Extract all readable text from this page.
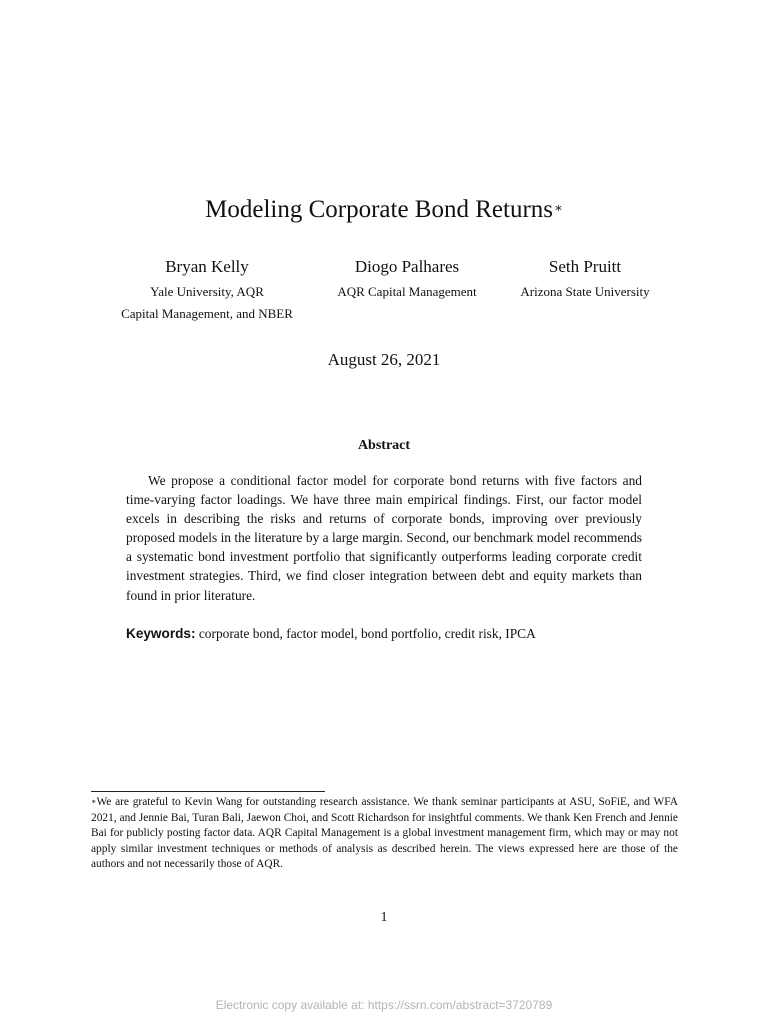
Modeling Corporate Bond Returns∗
Bryan Kelly
Yale University, AQR
Capital Management, and NBER
Diogo Palhares
AQR Capital Management
Seth Pruitt
Arizona State University
August 26, 2021
Abstract
We propose a conditional factor model for corporate bond returns with five factors and time-varying factor loadings. We have three main empirical findings. First, our factor model excels in describing the risks and returns of corporate bonds, improving over previously proposed models in the literature by a large margin. Second, our benchmark model recommends a systematic bond investment portfolio that significantly outperforms leading corporate credit investment strategies. Third, we find closer integration between debt and equity markets than found in prior literature.
Keywords: corporate bond, factor model, bond portfolio, credit risk, IPCA
∗We are grateful to Kevin Wang for outstanding research assistance. We thank seminar participants at ASU, SoFiE, and WFA 2021, and Jennie Bai, Turan Bali, Jaewon Choi, and Scott Richardson for insightful comments. We thank Ken French and Jennie Bai for publicly posting factor data. AQR Capital Management is a global investment management firm, which may or may not apply similar investment techniques or methods of analysis as described herein. The views expressed here are those of the authors and not necessarily those of AQR.
1
Electronic copy available at: https://ssrn.com/abstract=3720789
